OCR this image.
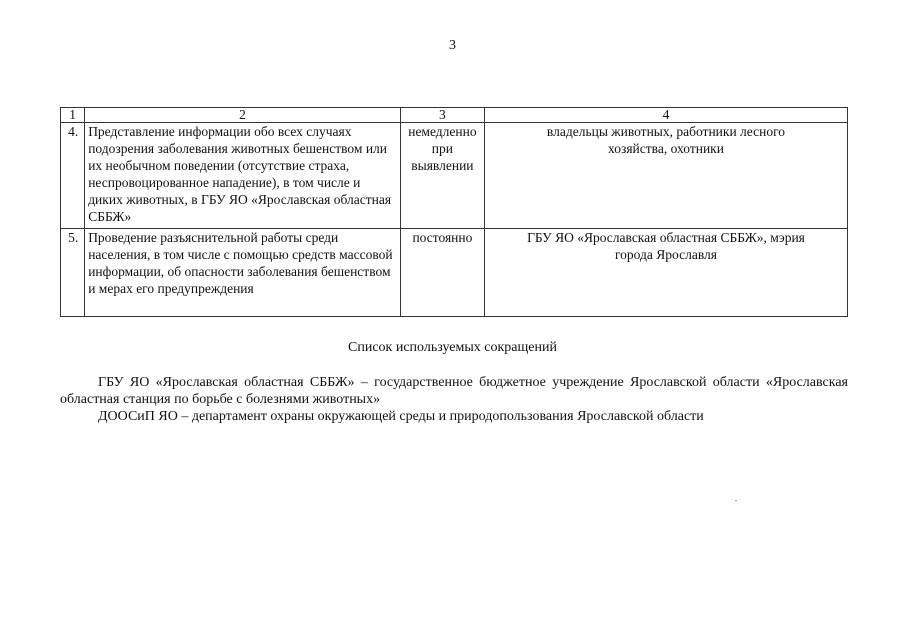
3
1	2	3	4
4.	Представление информации обо всех случаях подозрения заболевания животных бешенством или их необычном поведении (отсутствие страха, неспровоцированное нападение), в том числе и диких животных, в ГБУ ЯО «Ярославская областная СББЖ»	немедленно при выявлении	владельцы животных, работники лесного хозяйства, охотники
5.	Проведение разъяснительной работы среди населения, в том числе с помощью средств массовой информации, об опасности заболевания бешенством и мерах его предупреждения	постоянно	ГБУ ЯО «Ярославская областная СББЖ», мэрия города Ярославля
Список используемых сокращений

ГБУ ЯО «Ярославская областная СББЖ» – государственное бюджетное учреждение Ярославской области «Ярославская областная станция по борьбе с болезнями животных»

ДООСиП ЯО – департамент охраны окружающей среды и природопользования Ярославской области
